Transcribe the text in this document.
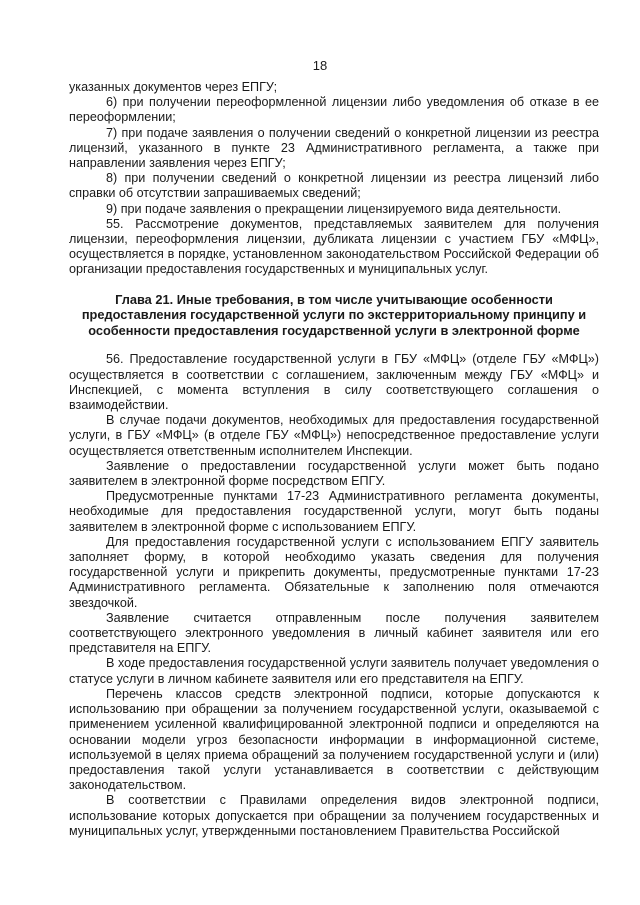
18

указанных документов через ЕПГУ;

6) при получении переоформленной лицензии либо уведомления об отказе в ее переоформлении;

7) при подаче заявления о получении сведений о конкретной лицензии из реестра лицензий, указанного в пункте 23 Административного регламента, а также при направлении заявления через ЕПГУ;

8) при получении сведений о конкретной лицензии из реестра лицензий либо справки об отсутствии запрашиваемых сведений;

9) при подаче заявления о прекращении лицензируемого вида деятельности.

55. Рассмотрение документов, представляемых заявителем для получения лицензии, переоформления лицензии, дубликата лицензии с участием ГБУ «МФЦ», осуществляется в порядке, установленном законодательством Российской Федерации об организации предоставления государственных и муниципальных услуг.

Глава 21. Иные требования, в том числе учитывающие особенности предоставления государственной услуги по экстерриториальному принципу и особенности предоставления государственной услуги в электронной форме

56. Предоставление государственной услуги в ГБУ «МФЦ» (отделе ГБУ «МФЦ») осуществляется в соответствии с соглашением, заключенным между ГБУ «МФЦ» и Инспекцией, с момента вступления в силу соответствующего соглашения о взаимодействии.

В случае подачи документов, необходимых для предоставления государственной услуги, в ГБУ «МФЦ» (в отделе ГБУ «МФЦ») непосредственное предоставление услуги осуществляется ответственным исполнителем Инспекции.

Заявление о предоставлении государственной услуги может быть подано заявителем в электронной форме посредством ЕПГУ.

Предусмотренные пунктами 17-23 Административного регламента документы, необходимые для предоставления государственной услуги, могут быть поданы заявителем в электронной форме с использованием ЕПГУ.

Для предоставления государственной услуги с использованием ЕПГУ заявитель заполняет форму, в которой необходимо указать сведения для получения государственной услуги и прикрепить документы, предусмотренные пунктами 17-23 Административного регламента. Обязательные к заполнению поля отмечаются звездочкой.

Заявление считается отправленным после получения заявителем соответствующего электронного уведомления в личный кабинет заявителя или его представителя на ЕПГУ.

В ходе предоставления государственной услуги заявитель получает уведомления о статусе услуги в личном кабинете заявителя или его представителя на ЕПГУ.

Перечень классов средств электронной подписи, которые допускаются к использованию при обращении за получением государственной услуги, оказываемой с применением усиленной квалифицированной электронной подписи и определяются на основании модели угроз безопасности информации в информационной системе, используемой в целях приема обращений за получением государственной услуги и (или) предоставления такой услуги устанавливается в соответствии с действующим законодательством.

В соответствии с Правилами определения видов электронной подписи, использование которых допускается при обращении за получением государственных и муниципальных услуг, утвержденными постановлением Правительства Российской
